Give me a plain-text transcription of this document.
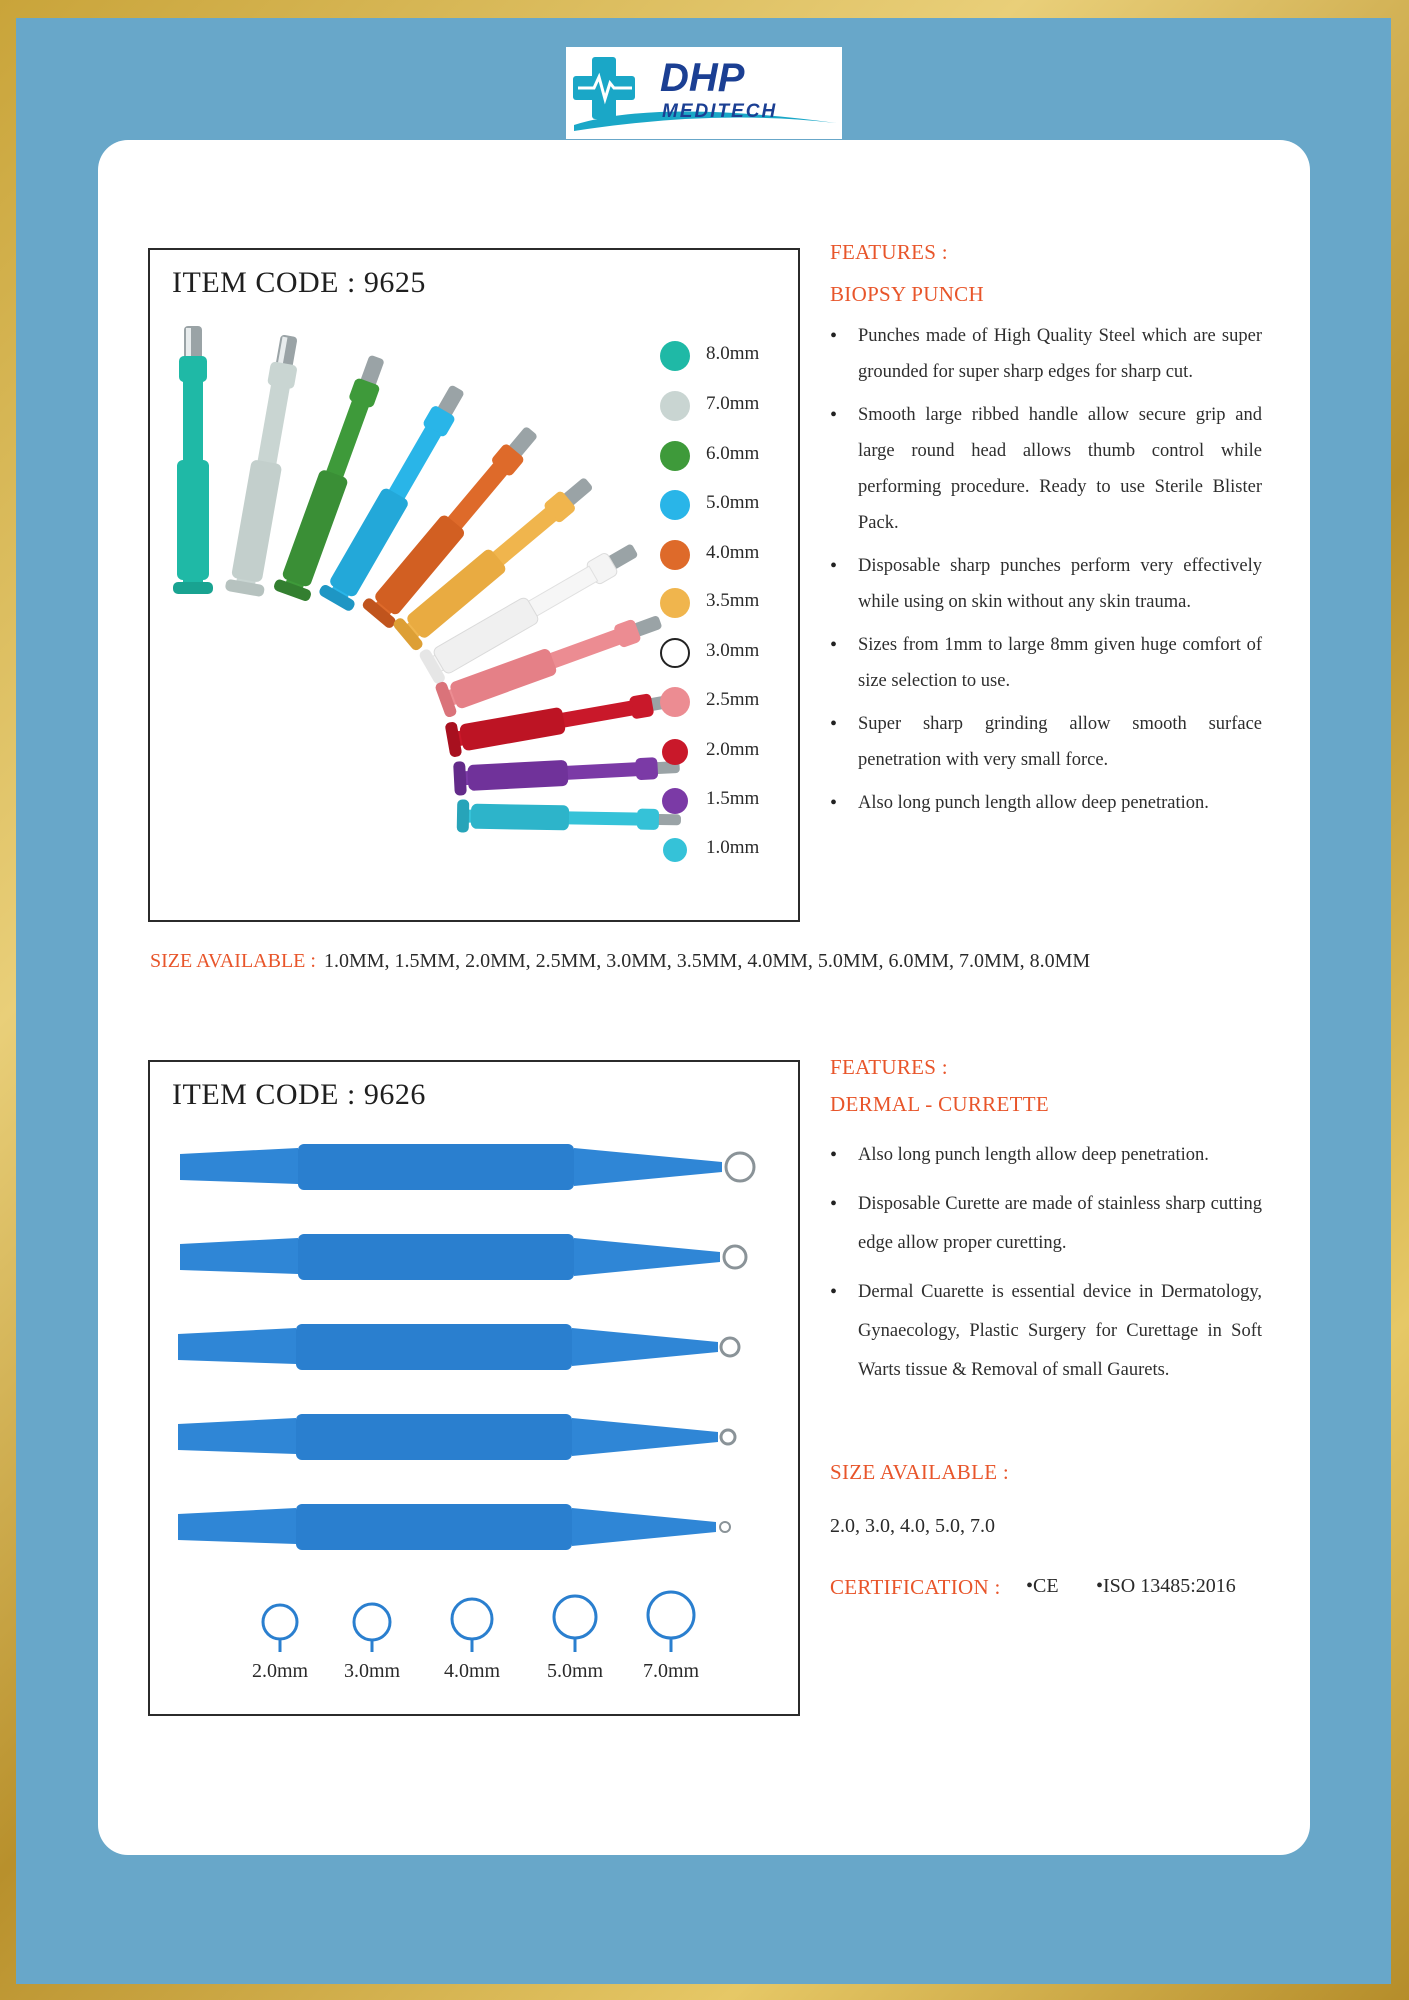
DHP
MEDITECH
ITEM CODE : 9625
8.0mm
7.0mm
6.0mm
5.0mm
4.0mm
3.5mm
3.0mm
2.5mm
2.0mm
1.5mm
1.0mm
FEATURES :
BIOPSY PUNCH
• Punches made of High Quality Steel which are super grounded for super sharp edges for sharp cut.
• Smooth large ribbed handle allow secure grip and large round head allows thumb control while performing procedure. Ready to use Sterile Blister Pack.
• Disposable sharp punches perform very effectively while using on skin without any skin trauma.
• Sizes from 1mm to large 8mm given huge comfort of size selection to use.
• Super sharp grinding allow smooth surface penetration with very small force.
• Also long punch length allow deep penetration.
SIZE AVAILABLE : 1.0MM, 1.5MM, 2.0MM, 2.5MM, 3.0MM, 3.5MM, 4.0MM, 5.0MM, 6.0MM, 7.0MM, 8.0MM
ITEM CODE : 9626
2.0mm	3.0mm	4.0mm	5.0mm	7.0mm
FEATURES :
DERMAL - CURRETTE
• Also long punch length allow deep penetration.
• Disposable Curette are made of stainless sharp cutting edge allow proper curetting.
• Dermal Cuarette is essential device in Dermatology, Gynaecology, Plastic Surgery for Curettage in Soft Warts tissue & Removal of small Gaurets.
SIZE AVAILABLE :
2.0, 3.0, 4.0, 5.0, 7.0
CERTIFICATION : •CE •ISO 13485:2016
